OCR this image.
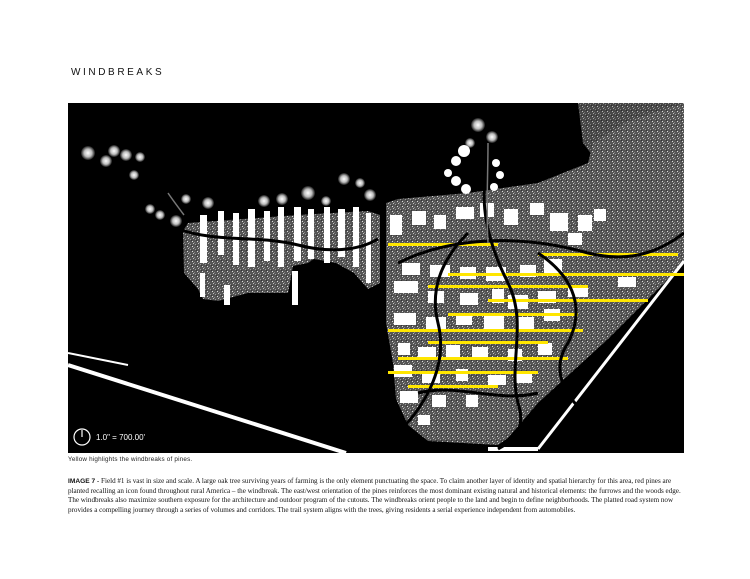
WINDBREAKS
1.0" = 700.00'
Yellow highlights the windbreaks of pines.
IMAGE 7 - Field #1 is vast in size and scale. A large oak tree surviving years of farming is the only element punctuating the space. To claim another layer of identity and spatial hierarchy for this area, red pines are planted recalling an icon found throughout rural America – the windbreak. The east/west orientation of the pines reinforces the most dominant existing natural and historical elements: the furrows and the woods edge. The windbreaks also maximize southern exposure for the architecture and outdoor program of the cutouts. The windbreaks orient people to the land and begin to define neighborhoods. The platted road system now provides a compelling journey through a series of volumes and corridors. The trail system aligns with the trees, giving residents a serial experience independent from automobiles.
